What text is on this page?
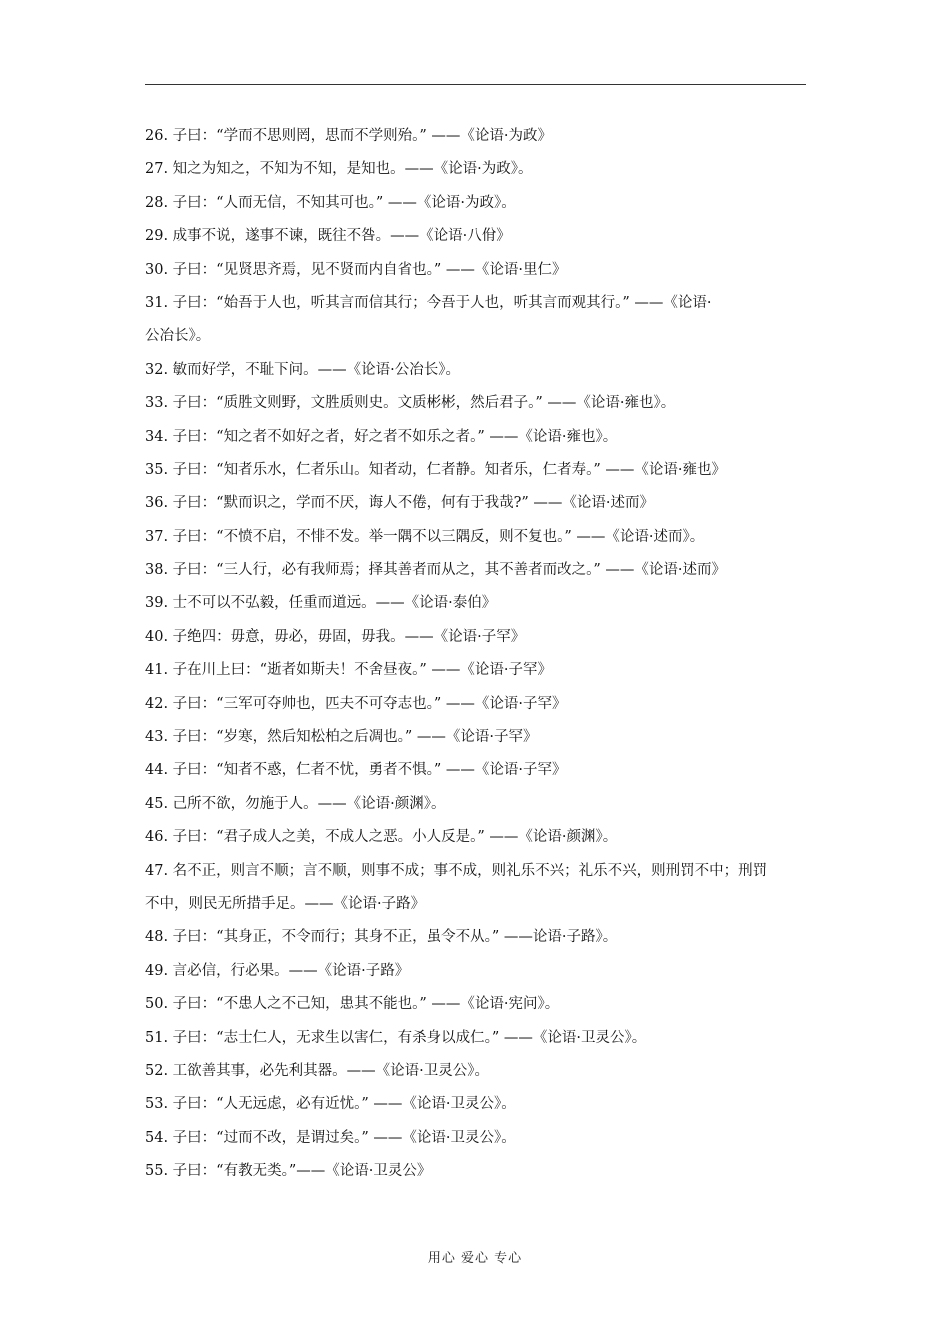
26. 子曰：“学而不思则罔，思而不学则殆。” ——《论语·为政》
27. 知之为知之，不知为不知，是知也。——《论语·为政》。
28. 子曰：“人而无信，不知其可也。” ——《论语·为政》。
29. 成事不说，遂事不谏，既往不咎。——《论语·八佾》
30. 子曰：“见贤思齐焉，见不贤而内自省也。” ——《论语·里仁》
31. 子曰：“始吾于人也，听其言而信其行；今吾于人也，听其言而观其行。” ——《论语·
公冶长》。
32. 敏而好学，不耻下问。——《论语·公冶长》。
33. 子曰：“质胜文则野，文胜质则史。文质彬彬，然后君子。” ——《论语·雍也》。
34. 子曰：“知之者不如好之者，好之者不如乐之者。” ——《论语·雍也》。
35. 子曰：“知者乐水，仁者乐山。知者动，仁者静。知者乐，仁者寿。” ——《论语·雍也》
36. 子曰：“默而识之，学而不厌，诲人不倦，何有于我哉?” ——《论语·述而》
37. 子曰：“不愤不启，不悱不发。举一隅不以三隅反，则不复也。” ——《论语·述而》。
38. 子曰：“三人行，必有我师焉；择其善者而从之，其不善者而改之。” ——《论语·述而》
39. 士不可以不弘毅，任重而道远。——《论语·泰伯》
40. 子绝四：毋意，毋必，毋固，毋我。——《论语·子罕》
41. 子在川上曰：“逝者如斯夫！不舍昼夜。” ——《论语·子罕》
42. 子曰：“三军可夺帅也，匹夫不可夺志也。” ——《论语·子罕》
43. 子曰：“岁寒，然后知松柏之后凋也。” ——《论语·子罕》
44. 子曰：“知者不惑，仁者不忧，勇者不惧。” ——《论语·子罕》
45. 己所不欲，勿施于人。——《论语·颜渊》。
46. 子曰：“君子成人之美，不成人之恶。小人反是。” ——《论语·颜渊》。
47. 名不正，则言不顺；言不顺，则事不成；事不成，则礼乐不兴；礼乐不兴，则刑罚不中；刑罚
不中，则民无所措手足。——《论语·子路》
48. 子曰：“其身正，不令而行；其身不正，虽令不从。” ——论语·子路》。
49. 言必信，行必果。——《论语·子路》
50. 子曰：“不患人之不己知，患其不能也。” ——《论语·宪问》。
51. 子曰：“志士仁人，无求生以害仁，有杀身以成仁。” ——《论语·卫灵公》。
52. 工欲善其事，必先利其器。——《论语·卫灵公》。
53. 子曰：“人无远虑，必有近忧。” ——《论语·卫灵公》。
54. 子曰：“过而不改，是谓过矣。” ——《论语·卫灵公》。
55. 子曰：“有教无类。”——《论语·卫灵公》
用心 爱心 专心
